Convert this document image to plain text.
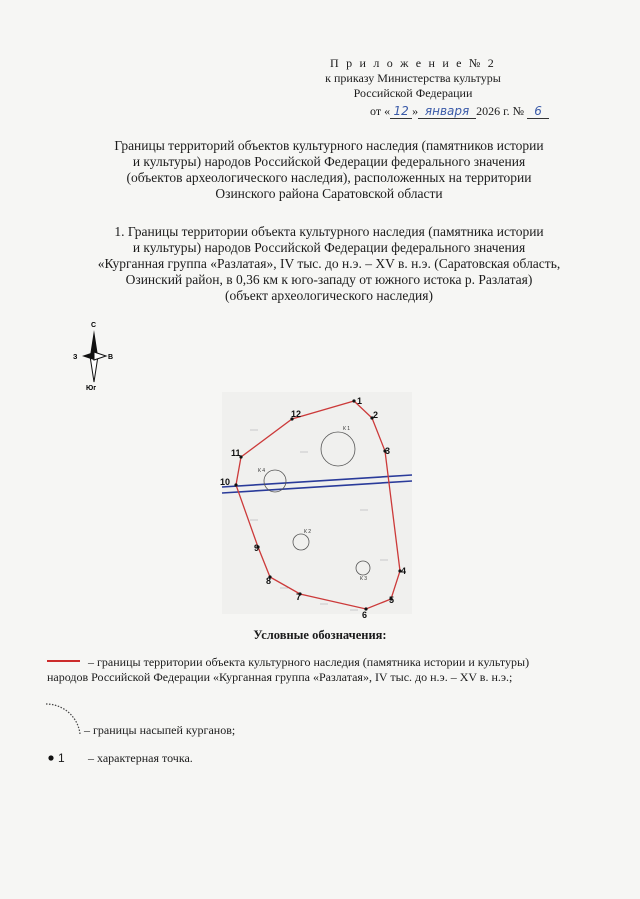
П р и л о ж е н и е № 2
к приказу Министерства культуры
Российской Федерации
от « 12 » января 2026 г. № 6
Границы территорий объектов культурного наследия (памятников истории
и культуры) народов Российской Федерации федерального значения
(объектов археологического наследия), расположенных на территории
Озинского района Саратовской области
1. Границы территории объекта культурного наследия (памятника истории
и культуры) народов Российской Федерации федерального значения
«Курганная группа «Разлатая», IV тыс. до н.э. – XV в. н.э. (Саратовская область,
Озинский район, в 0,36 км к юго-западу от южного истока р. Разлатая)
(объект археологического наследия)
С
З	В
Юг
К 1
К 4
К 2
К 3
1
2
3
4
5
6
7
8
9
10
11
12
Условные обозначения:
– границы территории объекта культурного наследия (памятника истории и культуры)
народов Российской Федерации «Курганная группа «Разлатая», IV тыс. до н.э. – XV в. н.э.;
– границы насыпей курганов;
1 – характерная точка.
